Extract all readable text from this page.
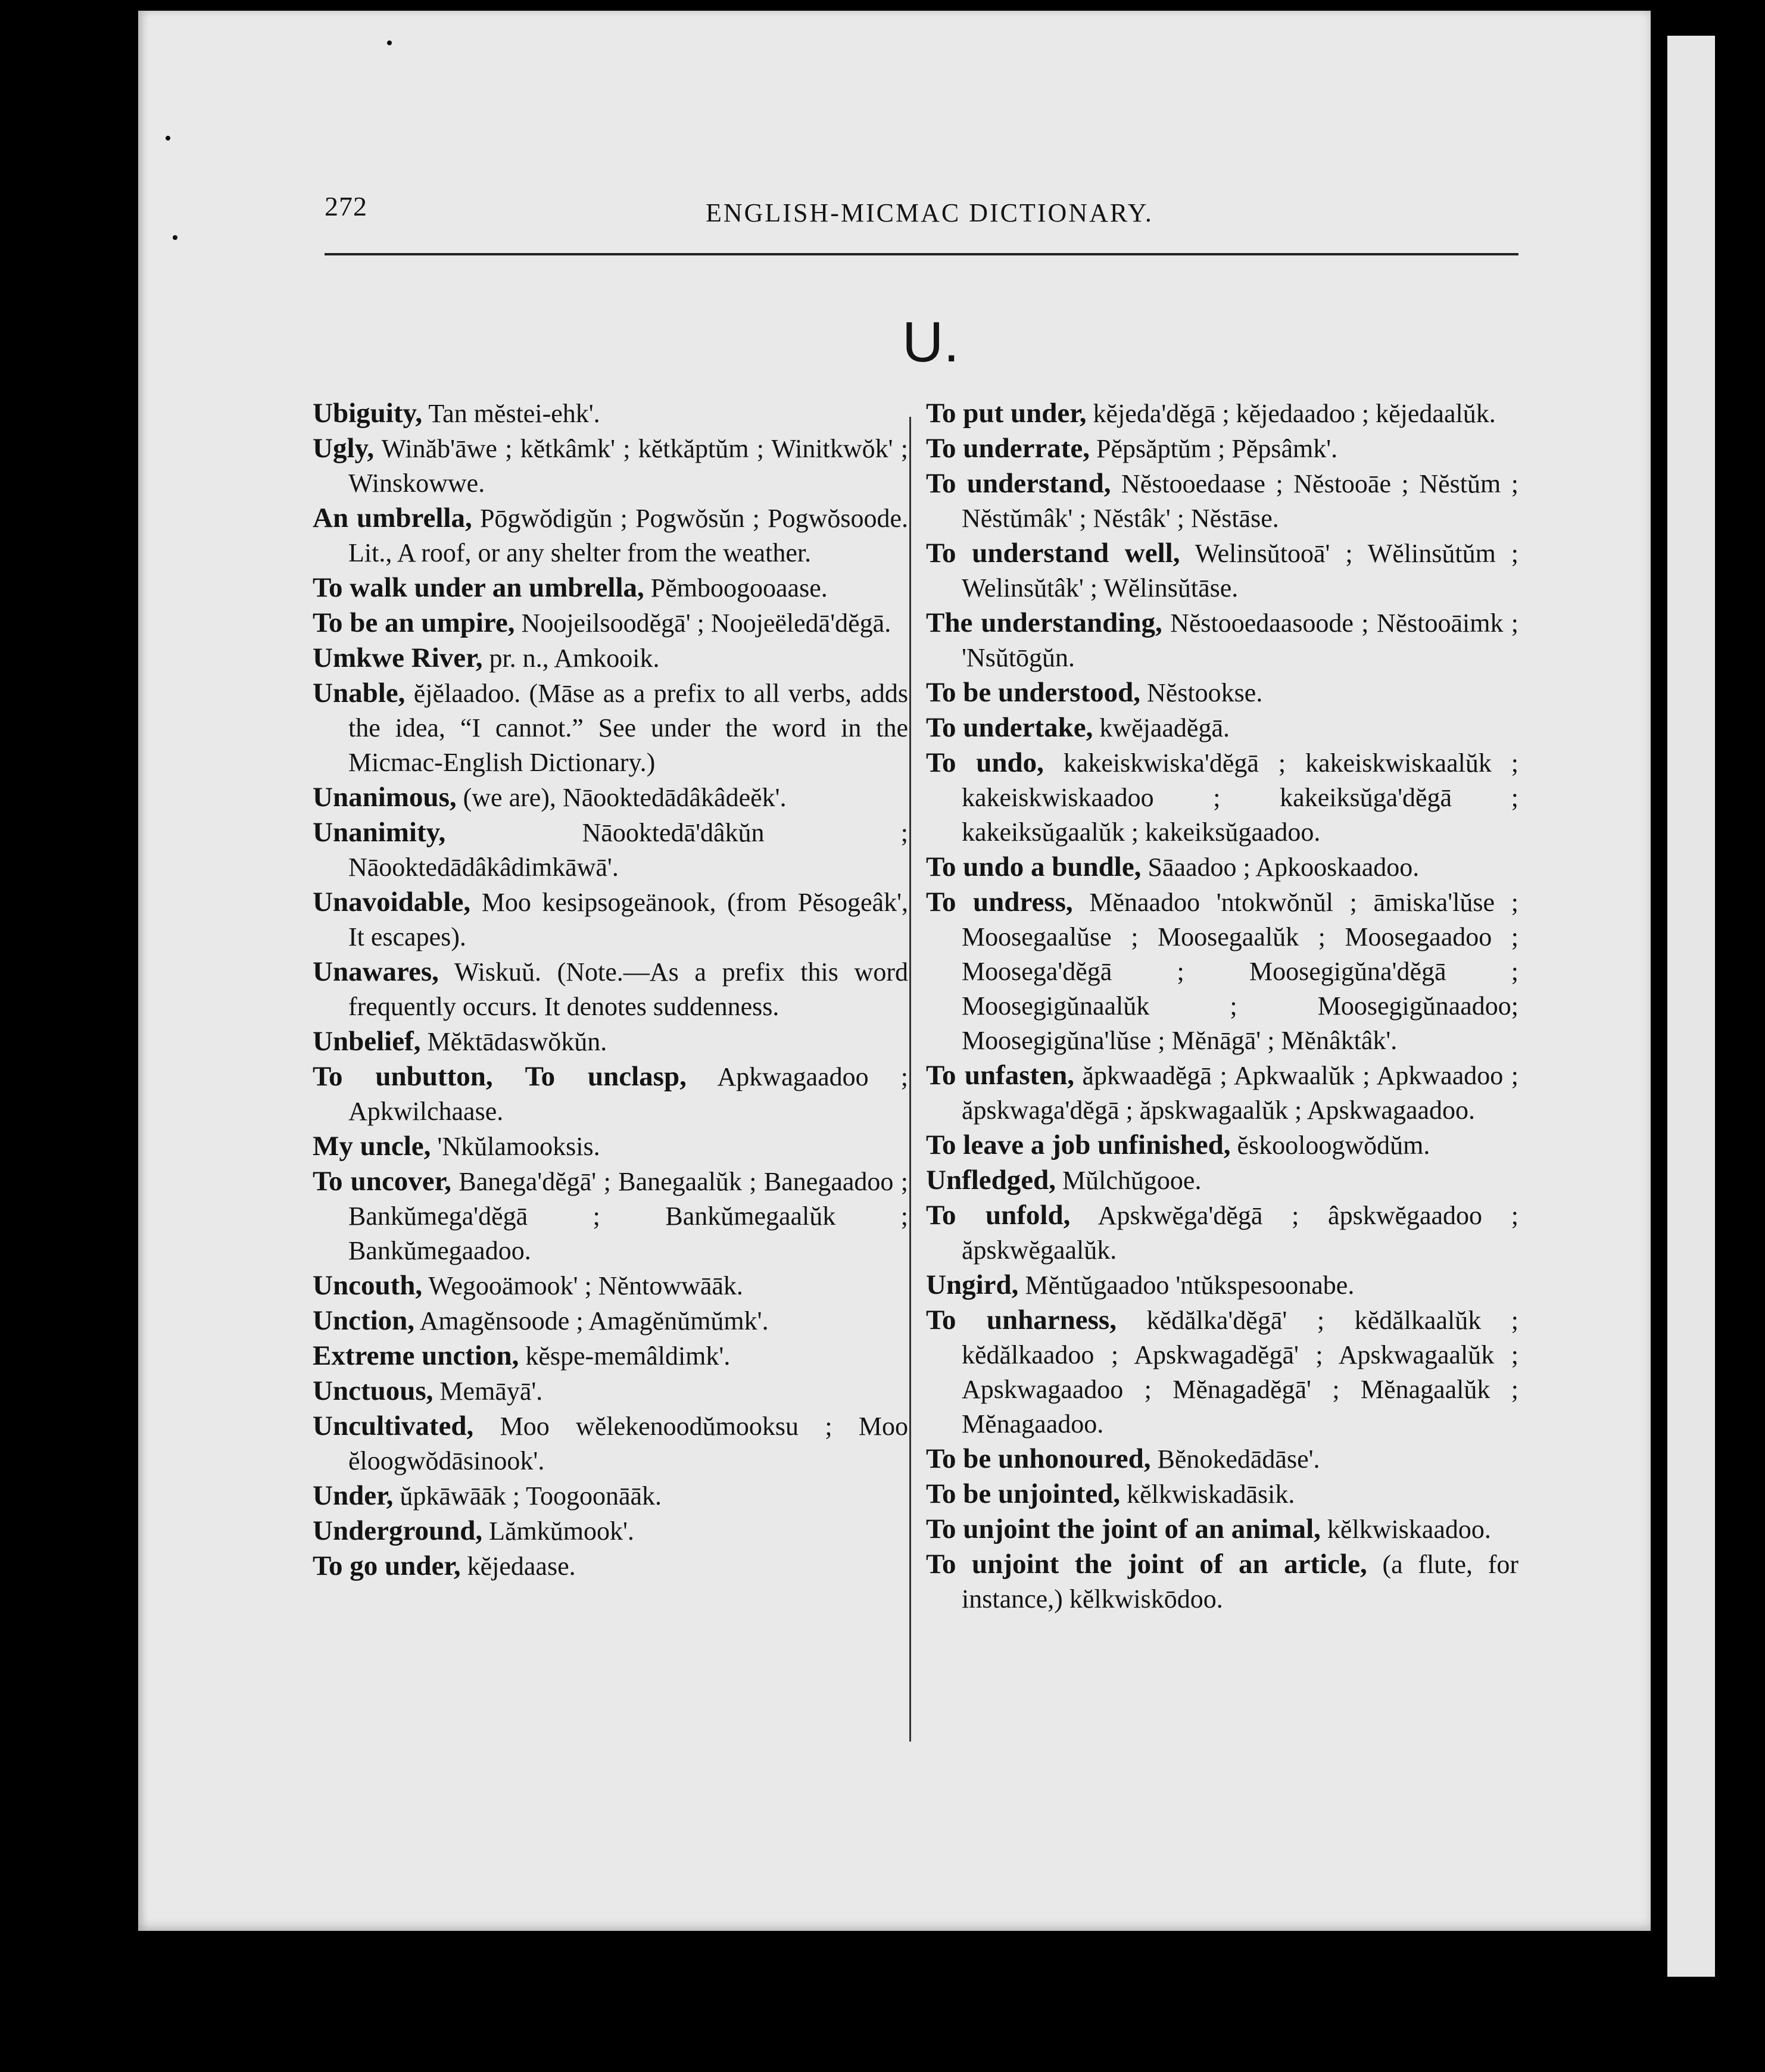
272	ENGLISH-MICMAC DICTIONARY.
U.
Ubiguity, Tan mĕstei-ehk'.
Ugly, Winăb'āwe ; kĕtkâmk' ; kĕtkăptŭm ; Winitkwŏk' ; Winskowwe.
An umbrella, Pōgwŏdigŭn ; Pogwŏsŭn ; Pogwŏsoode. Lit., A roof, or any shelter from the weather.
To walk under an umbrella, Pĕmboogooaase.
To be an umpire, Noojeilsoodĕgā' ; Noojeëledā'dĕgā.
Umkwe River, pr. n., Amkooik.
Unable, ĕjĕlaadoo. (Māse as a prefix to all verbs, adds the idea, “I cannot.” See under the word in the Micmac-English Dictionary.)
Unanimous, (we are), Nāooktedādâkâdeĕk'.
Unanimity,	Nāooktedā'dâkŭn ; Nāooktedādâkâdimkāwā'.
Unavoidable, Moo kesipsogeänook, (from Pĕsogeâk', It escapes).
Unawares, Wiskuŭ. (Note.—As a prefix this word frequently occurs. It denotes suddenness.
Unbelief, Mĕktādaswŏkŭn.
To unbutton, To unclasp, Apkwagaadoo ; Apkwilchaase.
My uncle, 'Nkŭlamooksis.
To uncover, Banega'dĕgā' ; Banegaalŭk ; Banegaadoo ; Bankŭmega'dĕgā ; Bankŭmegaalŭk ; Bankŭmegaadoo.
Uncouth, Wegooämook' ; Nĕntowwāāk.
Unction, Amagĕnsoode ; Amagĕnŭmŭmk'.
Extreme unction, kĕspe-memâldimk'.
Unctuous, Memāyā'.
Uncultivated, Moo wĕlekenoodŭmooksu ; Moo ĕloogwŏdāsinook'.
Under, ŭpkāwāāk ; Toogoonāāk.
Underground, Lămkŭmook'.
To go under, kĕjedaase.
To put under, kĕjeda'dĕgā ; kĕjedaadoo ; kĕjedaalŭk.
To underrate, Pĕpsăptŭm ; Pĕpsâmk'.
To understand, Nĕstooedaase ; Nĕstooāe ; Nĕstŭm ; Nĕstŭmâk' ; Nĕstâk' ; Nĕstāse.
To understand well, Welinsŭtooā' ; Wĕlinsŭtŭm ; Welinsŭtâk' ; Wĕlinsŭtāse.
The understanding, Nĕstooedaasoode ; Nĕstooāimk ; 'Nsŭtōgŭn.
To be understood, Nĕstookse.
To undertake, kwĕjaadĕgā.
To undo, kakeiskwiska'dĕgā ; kakeiskwiskaalŭk ; kakeiskwiskaadoo ; kakeiksŭga'dĕgā ; kakeiksŭgaalŭk ; kakeiksŭgaadoo.
To undo a bundle, Sāaadoo ; Apkooskaadoo.
To undress, Mĕnaadoo 'ntokwŏnŭl ; āmiska'lŭse ; Moosegaalŭse ; Moosegaalŭk ; Moosegaadoo ; Moosega'dĕgā ; Moosegigŭna'dĕgā ; Moosegigŭnaalŭk ; Moosegigŭnaadoo; Moosegigŭna'lŭse ; Mĕnāgā' ; Mĕnâktâk'.
To unfasten, ăpkwaadĕgā ; Apkwaalŭk ; Apkwaadoo ; ăpskwaga'dĕgā ; ăpskwagaalŭk ; Apskwagaadoo.
To leave a job unfinished, ĕskooloogwŏdŭm.
Unfledged, Mŭlchŭgooe.
To unfold, Apskwĕga'dĕgā ; âpskwĕgaadoo ; ăpskwĕgaalŭk.
Ungird, Mĕntŭgaadoo 'ntŭkspesoonabe.
To unharness, kĕdălka'dĕgā' ; kĕdălkaalŭk ; kĕdălkaadoo ; Apskwagadĕgā' ; Apskwagaalŭk ; Apskwagaadoo ; Mĕnagadĕgā' ; Mĕnagaalŭk ; Mĕnagaadoo.
To be unhonoured, Bĕnokedādāse'.
To be unjointed, kĕlkwiskadāsik.
To unjoint the joint of an animal, kĕlkwiskaadoo.
To unjoint the joint of an article, (a flute, for instance,) kĕlkwiskōdoo.
